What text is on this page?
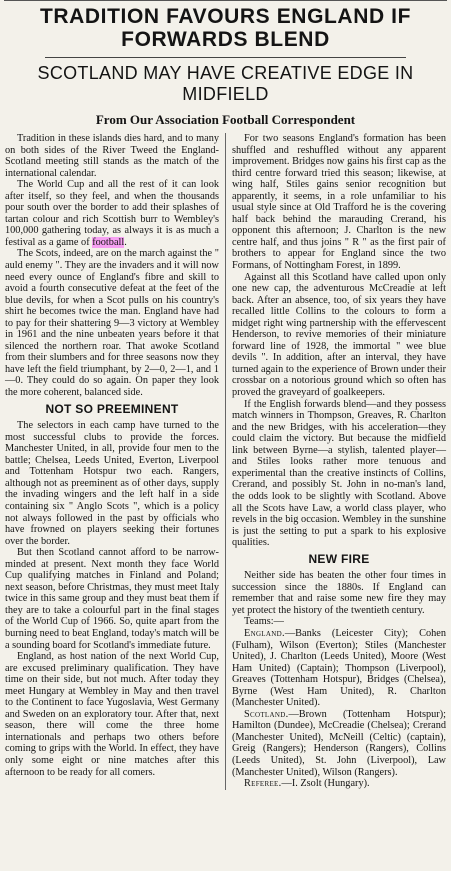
TRADITION FAVOURS ENGLAND IF FORWARDS BLEND
SCOTLAND MAY HAVE CREATIVE EDGE IN MIDFIELD
From Our Association Football Correspondent

Tradition in these islands dies hard, and to many on both sides of the River Tweed the England-Scotland meeting still stands as the match of the international calendar.

The World Cup and all the rest of it can look after itself, so they feel, and when the thousands pour south over the border to add their splashes of tartan colour and rich Scottish burr to Wembley's 100,000 gathering today, as always it is as much a festival as a game of football.

The Scots, indeed, are on the march against the " auld enemy ". They are the invaders and it will now need every ounce of England's fibre and skill to avoid a fourth consecutive defeat at the feet of the blue devils, for when a Scot pulls on his country's shirt he becomes twice the man. England have had to pay for their shattering 9—3 victory at Wembley in 1961 and the nine unbeaten years before it that silenced the northern roar. That awoke Scotland from their slumbers and for three seasons now they have left the field triumphant, by 2—0, 2—1, and 1—0. They could do so again. On paper they look the more coherent, balanced side.

NOT SO PREEMINENT

The selectors in each camp have turned to the most successful clubs to provide the forces. Manchester United, in all, provide four men to the battle; Chelsea, Leeds United, Everton, Liverpool and Tottenham Hotspur two each. Rangers, although not as preeminent as of other days, supply the invading wingers and the left half in a side containing six " Anglo Scots ", which is a policy not always followed in the past by officials who have frowned on players seeking their fortunes over the border.

But then Scotland cannot afford to be narrow-minded at present. Next month they face World Cup qualifying matches in Finland and Poland; next season, before Christmas, they must meet Italy twice in this same group and they must beat them if they are to take a colourful part in the final stages of the World Cup of 1966. So, quite apart from the burning need to beat England, today's match will be a sounding board for Scotland's immediate future.

England, as host nation of the next World Cup, are excused preliminary qualification. They have time on their side, but not much. After today they meet Hungary at Wembley in May and then travel to the Continent to face Yugoslavia, West Germany and Sweden on an exploratory tour. After that, next season, there will come the three home internationals and perhaps two others before coming to grips with the World. In effect, they have only some eight or nine matches after this afternoon to be ready for all comers.

For two seasons England's formation has been shuffled and reshuffled without any apparent improvement. Bridges now gains his first cap as the third centre forward tried this season; likewise, at wing half, Stiles gains senior recognition but apparently, it seems, in a role unfamiliar to his usual style since at Old Trafford he is the covering half back behind the marauding Crerand, his opponent this afternoon; J. Charlton is the new centre half, and thus joins " R " as the first pair of brothers to appear for England since the two Formans, of Nottingham Forest, in 1899.

Against all this Scotland have called upon only one new cap, the adventurous McCreadie at left back. After an absence, too, of six years they have recalled little Collins to the colours to form a midget right wing partnership with the effervescent Henderson, to revive memories of their miniature forward line of 1928, the immortal " wee blue devils ". In addition, after an interval, they have turned again to the experience of Brown under their crossbar on a notorious ground which so often has proved the graveyard of goalkeepers.

If the English forwards blend—and they possess match winners in Thompson, Greaves, R. Charlton and the new Bridges, with his acceleration—they could claim the victory. But because the midfield link between Byrne—a stylish, talented player—and Stiles looks rather more tenuous and experimental than the creative instincts of Collins, Crerand, and possibly St. John in no-man's land, the odds look to be slightly with Scotland. Above all the Scots have Law, a world class player, who revels in the big occasion. Wembley in the sunshine is just the setting to put a spark to his explosive qualities.

NEW FIRE

Neither side has beaten the other four times in succession since the 1880s. If England can remember that and raise some new fire they may yet protect the history of the twentieth century.

Teams:—

England.—Banks (Leicester City); Cohen (Fulham), Wilson (Everton); Stiles (Manchester United), J. Charlton (Leeds United), Moore (West Ham United) (Captain); Thompson (Liverpool), Greaves (Tottenham Hotspur), Bridges (Chelsea), Byrne (West Ham United), R. Charlton (Manchester United).

Scotland.—Brown (Tottenham Hotspur); Hamilton (Dundee), McCreadie (Chelsea); Crerand (Manchester United), McNeill (Celtic) (captain), Greig (Rangers); Henderson (Rangers), Collins (Leeds United), St. John (Liverpool), Law (Manchester United), Wilson (Rangers).

Referee.—I. Zsolt (Hungary).
